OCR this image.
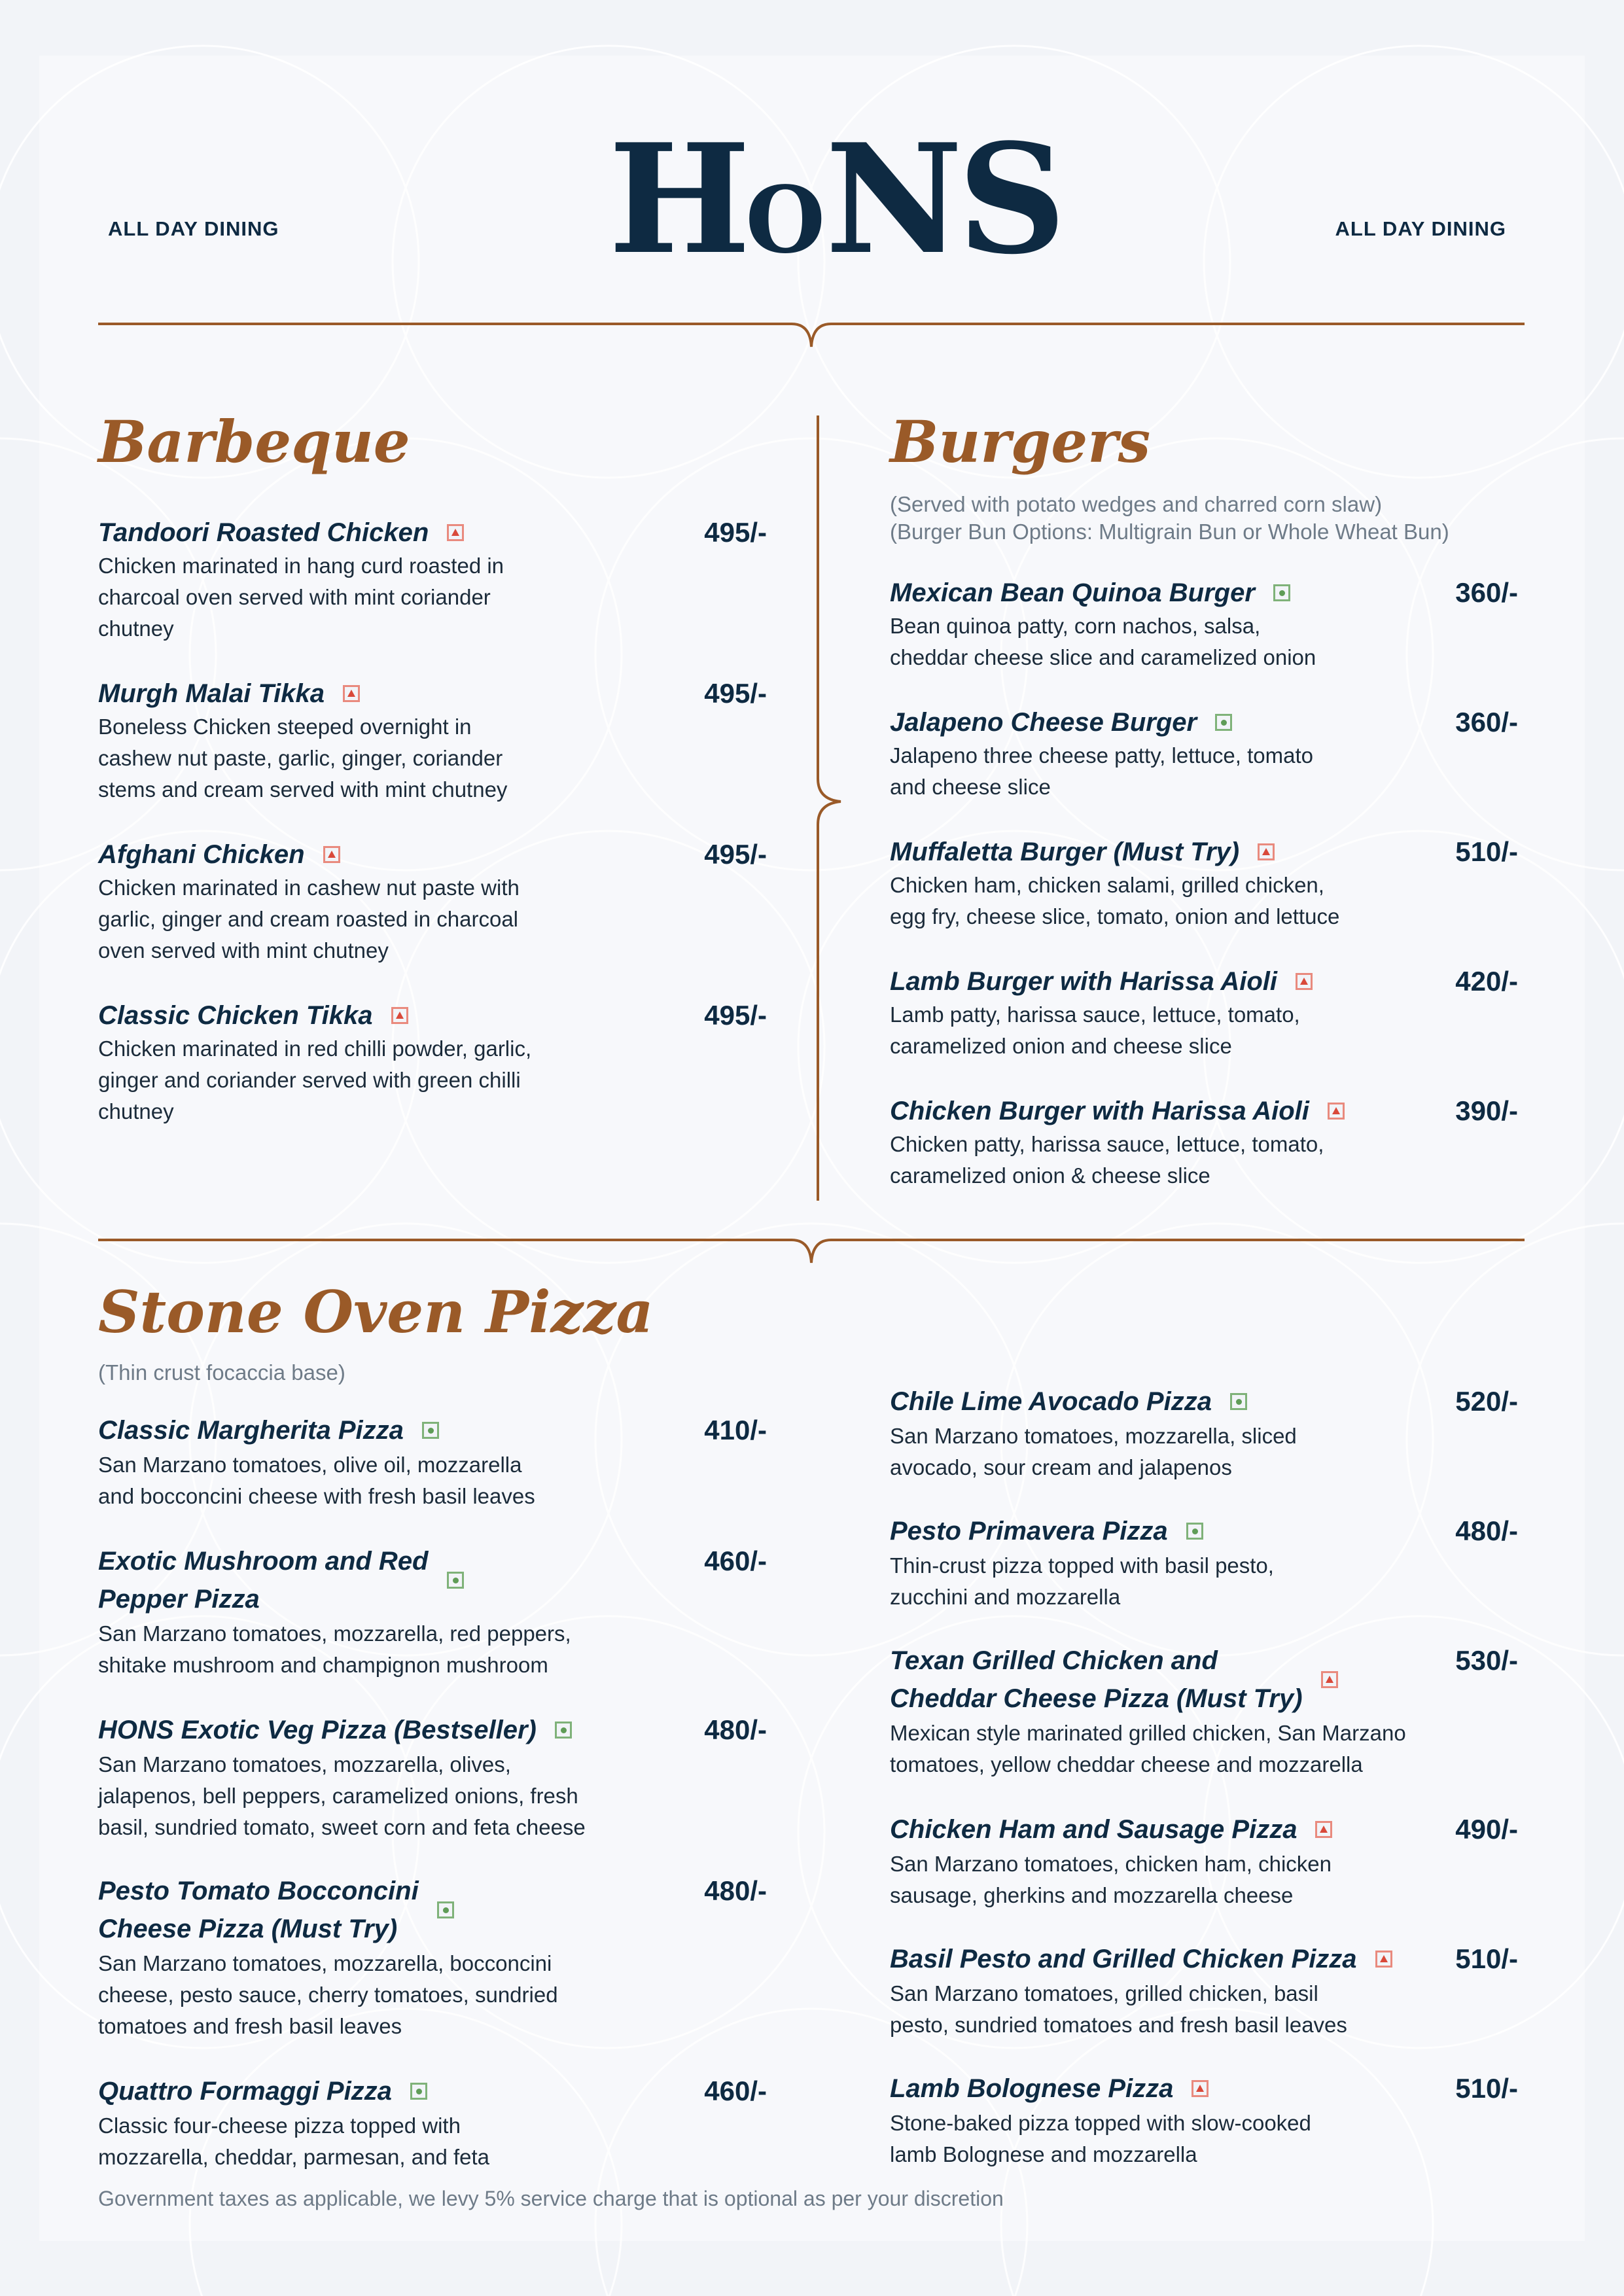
ALL DAY DINING	ALL DAY DINING
HONS
Barbeque
Tandoori Roasted Chicken	495/-
Chicken marinated in hang curd roasted in
charcoal oven served with mint coriander
chutney
Murgh Malai Tikka	495/-
Boneless Chicken steeped overnight in
cashew nut paste, garlic, ginger, coriander
stems and cream served with mint chutney
Afghani Chicken	495/-
Chicken marinated in cashew nut paste with
garlic, ginger and cream roasted in charcoal
oven served with mint chutney
Classic Chicken Tikka	495/-
Chicken marinated in red chilli powder, garlic,
ginger and coriander served with green chilli
chutney
Burgers
(Served with potato wedges and charred corn slaw)
(Burger Bun Options: Multigrain Bun or Whole Wheat Bun)
Mexican Bean Quinoa Burger	360/-
Bean quinoa patty, corn nachos, salsa,
cheddar cheese slice and caramelized onion
Jalapeno Cheese Burger	360/-
Jalapeno three cheese patty, lettuce, tomato
and cheese slice
Muffaletta Burger (Must Try)	510/-
Chicken ham, chicken salami, grilled chicken,
egg fry, cheese slice, tomato, onion and lettuce
Lamb Burger with Harissa Aioli	420/-
Lamb patty, harissa sauce, lettuce, tomato,
caramelized onion and cheese slice
Chicken Burger with Harissa Aioli	390/-
Chicken patty, harissa sauce, lettuce, tomato,
caramelized onion & cheese slice
Stone Oven Pizza
(Thin crust focaccia base)
Classic Margherita Pizza	410/-
San Marzano tomatoes, olive oil, mozzarella
and bocconcini cheese with fresh basil leaves
Exotic Mushroom and Red
Pepper Pizza
460/-
San Marzano tomatoes, mozzarella, red peppers,
shitake mushroom and champignon mushroom
HONS Exotic Veg Pizza (Bestseller)	480/-
San Marzano tomatoes, mozzarella, olives,
jalapenos, bell peppers, caramelized onions, fresh
basil, sundried tomato, sweet corn and feta cheese
Pesto Tomato Bocconcini
Cheese Pizza (Must Try)
480/-
San Marzano tomatoes, mozzarella, bocconcini
cheese, pesto sauce, cherry tomatoes, sundried
tomatoes and fresh basil leaves
Quattro Formaggi Pizza	460/-
Classic four-cheese pizza topped with
mozzarella, cheddar, parmesan, and feta
Chile Lime Avocado Pizza	520/-
San Marzano tomatoes, mozzarella, sliced
avocado, sour cream and jalapenos
Pesto Primavera Pizza	480/-
Thin-crust pizza topped with basil pesto,
zucchini and mozzarella
Texan Grilled Chicken and
Cheddar Cheese Pizza (Must Try)
530/-
Mexican style marinated grilled chicken, San Marzano
tomatoes, yellow cheddar cheese and mozzarella
Chicken Ham and Sausage Pizza	490/-
San Marzano tomatoes, chicken ham, chicken
sausage, gherkins and mozzarella cheese
Basil Pesto and Grilled Chicken Pizza	510/-
San Marzano tomatoes, grilled chicken, basil
pesto, sundried tomatoes and fresh basil leaves
Lamb Bolognese Pizza	510/-
Stone-baked pizza topped with slow-cooked
lamb Bolognese and mozzarella
Government taxes as applicable, we levy 5% service charge that is optional as per your discretion
